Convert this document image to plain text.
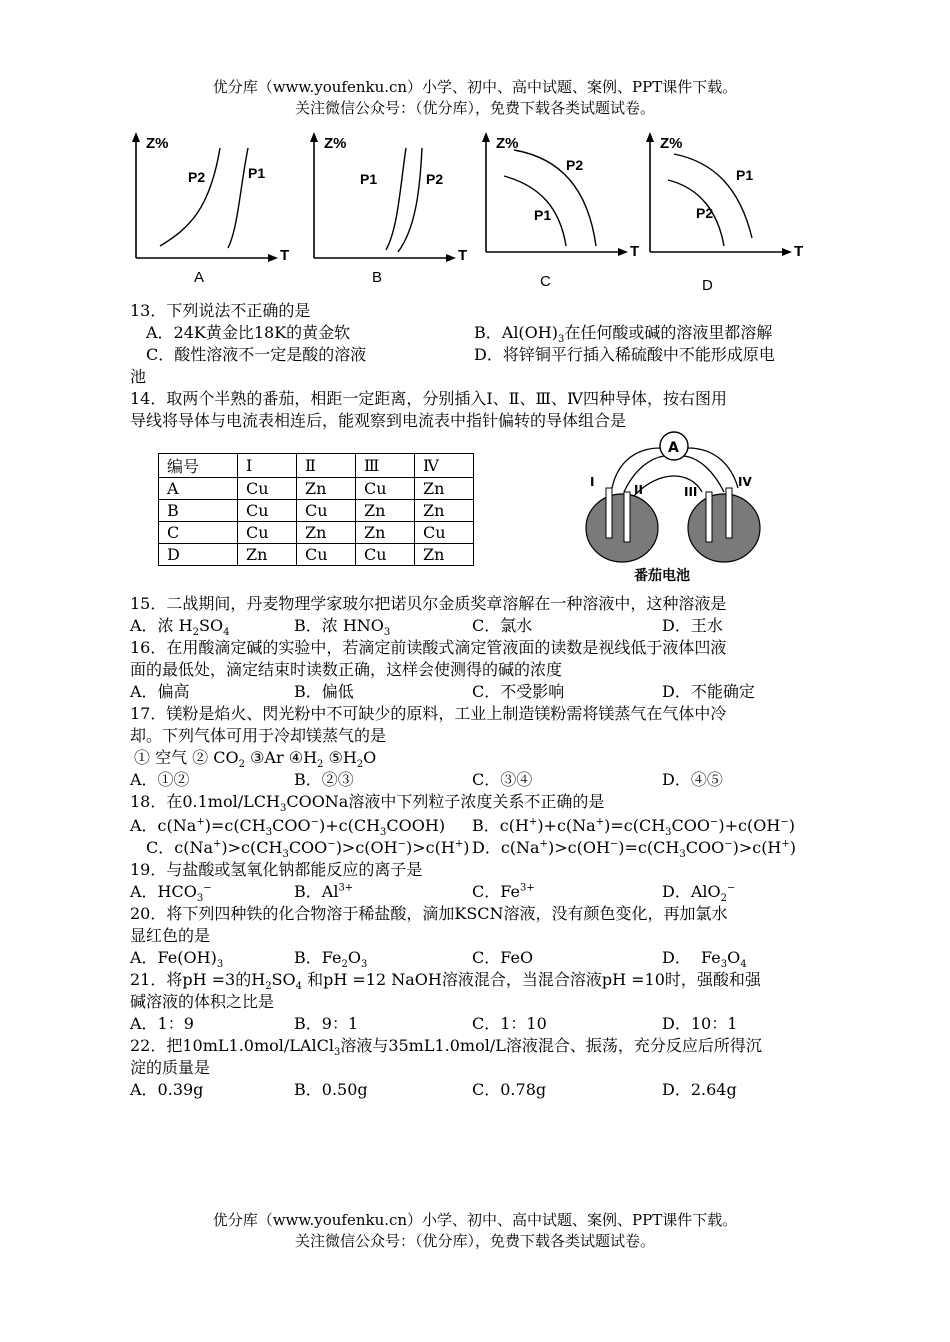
优分库（www.youfenku.cn）小学、初中、高中试题、案例、PPT课件下载。
关注微信公众号：（优分库），免费下载各类试题试卷。
Z%
T
P2	P1
A
Z%
T
P1	P2
B
Z%
T
P2
P1
C
Z%
T
P1
P2
D
13．下列说法不正确的是
A．24K黄金比18K的黄金软	B．$Al(OH)_3$在任何酸或碱的溶液里都溶解
C．酸性溶液不一定是酸的溶液	D．将锌铜平行插入稀硫酸中不能形成原电
池
14．取两个半熟的番茄，相距一定距离，分别插入Ⅰ、Ⅱ、Ⅲ、Ⅳ四种导体，按右图用
导线将导体与电流表相连后，能观察到电流表中指针偏转的导体组合是
编号	Ⅰ	Ⅱ	Ⅲ	Ⅳ
A	Cu	Zn	Cu	Zn
B	Cu	Cu	Zn	Zn
C	Cu	Zn	Zn	Cu
D	Zn	Cu	Cu	Zn
A
I
II	III
IV
番茄电池
15．二战期间，丹麦物理学家玻尔把诺贝尔金质奖章溶解在一种溶液中，这种溶液是
A．浓 $H_2SO_4$	B．浓 $HNO_3$	C．氯水	D．王水
16．在用酸滴定碱的实验中，若滴定前读酸式滴定管液面的读数是视线低于液体凹液
面的最低处，滴定结束时读数正确，这样会使测得的碱的浓度
A．偏高	B．偏低	C．不受影响	D．不能确定
17．镁粉是焰火、閃光粉中不可缺少的原料，工业上制造镁粉需将镁蒸气在气体中冷
却。下列气体可用于冷却镁蒸气的是
① 空气 ② $CO_2$ ③Ar $④H_2$ $⑤H_2O$
A．①②	B．②③	C．③④	D．④⑤
18．在$0.1mol/LCH_3COONa$溶液中下列粒子浓度关系不正确的是
A．$c(Na^+)=c(CH_3COO^-)+c(CH_3COOH)$ B．$c(H^+)+c(Na^+)=c(CH_3COO^-)+c(OH^-)$
C．$c(Na^+)>c(CH_3COO^-)>c(OH^-)>c(H^+)$ D．$c(Na^+)>c(OH^-)=c(CH_3COO^-)>c(H^+)$
19．与盐酸或氢氧化钠都能反应的离子是
A．$HCO_3^-$	B．$Al^{3+}$	C．$Fe^{3+}$	D．AlO$_2$−
20．将下列四种铁的化合物溶于稀盐酸，滴加KSCN溶液，没有颜色变化，再加氯水
显红色的是
A．$Fe(OH)_3$	B．$Fe_2O_3$	C．FeO	D．  $Fe_3O_4$
21．将pH =3的$H_2SO_4$ 和pH =12 NaOH溶液混合，当混合溶液pH =10时，强酸和强
碱溶液的体积之比是
A．1：9	B．9：1	C．1：10	D．10：1
22．把10mL1.0mol/LAlCl$_3$溶液与35mL1.0mol/L溶液混合、振荡，充分反应后所得沉
淀的质量是
A．0.39g	B．0.50g	C．0.78g	D．2.64g
优分库（www.youfenku.cn）小学、初中、高中试题、案例、PPT课件下载。
关注微信公众号：（优分库），免费下载各类试题试卷。
